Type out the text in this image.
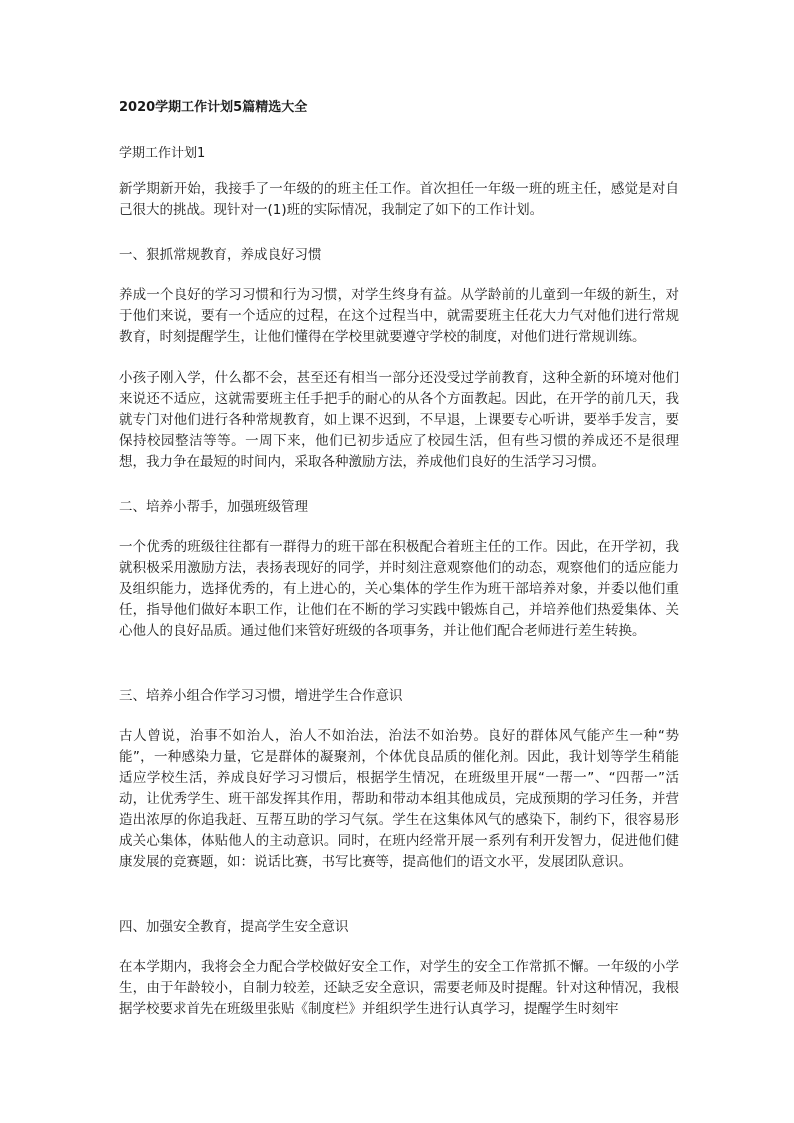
2020学期工作计划5篇精选大全
学期工作计划1

新学期新开始，我接手了一年级的的班主任工作。首次担任一年级一班的班主任，感觉是对自己很大的挑战。现针对一(1)班的实际情况，我制定了如下的工作计划。

一、狠抓常规教育，养成良好习惯

养成一个良好的学习习惯和行为习惯，对学生终身有益。从学龄前的儿童到一年级的新生，对于他们来说，要有一个适应的过程，在这个过程当中，就需要班主任花大力气对他们进行常规教育，时刻提醒学生，让他们懂得在学校里就要遵守学校的制度，对他们进行常规训练。

小孩子刚入学，什么都不会，甚至还有相当一部分还没受过学前教育，这种全新的环境对他们来说还不适应，这就需要班主任手把手的耐心的从各个方面教起。因此，在开学的前几天，我就专门对他们进行各种常规教育，如上课不迟到，不早退，上课要专心听讲，要举手发言，要保持校园整洁等等。一周下来，他们已初步适应了校园生活，但有些习惯的养成还不是很理想，我力争在最短的时间内，采取各种激励方法，养成他们良好的生活学习习惯。

二、培养小帮手，加强班级管理

一个优秀的班级往往都有一群得力的班干部在积极配合着班主任的工作。因此，在开学初，我就积极采用激励方法，表扬表现好的同学，并时刻注意观察他们的动态，观察他们的适应能力及组织能力，选择优秀的，有上进心的，关心集体的学生作为班干部培养对象，并委以他们重任，指导他们做好本职工作，让他们在不断的学习实践中锻炼自己，并培养他们热爱集体、关心他人的良好品质。通过他们来管好班级的各项事务，并让他们配合老师进行差生转换。

三、培养小组合作学习习惯，增进学生合作意识

古人曾说，治事不如治人，治人不如治法，治法不如治势。良好的群体风气能产生一种“势能”，一种感染力量，它是群体的凝聚剂，个体优良品质的催化剂。因此，我计划等学生稍能适应学校生活，养成良好学习习惯后，根据学生情况，在班级里开展“一帮一”、“四帮一”活动，让优秀学生、班干部发挥其作用，帮助和带动本组其他成员，完成预期的学习任务，并营造出浓厚的你追我赶、互帮互助的学习气氛。学生在这集体风气的感染下，制约下，很容易形成关心集体，体贴他人的主动意识。同时，在班内经常开展一系列有利开发智力，促进他们健康发展的竞赛题，如：说话比赛，书写比赛等，提高他们的语文水平，发展团队意识。

四、加强安全教育，提高学生安全意识

在本学期内，我将会全力配合学校做好安全工作，对学生的安全工作常抓不懈。一年级的小学生，由于年龄较小，自制力较差，还缺乏安全意识，需要老师及时提醒。针对这种情况，我根据学校要求首先在班级里张贴《制度栏》并组织学生进行认真学习，提醒学生时刻牢
